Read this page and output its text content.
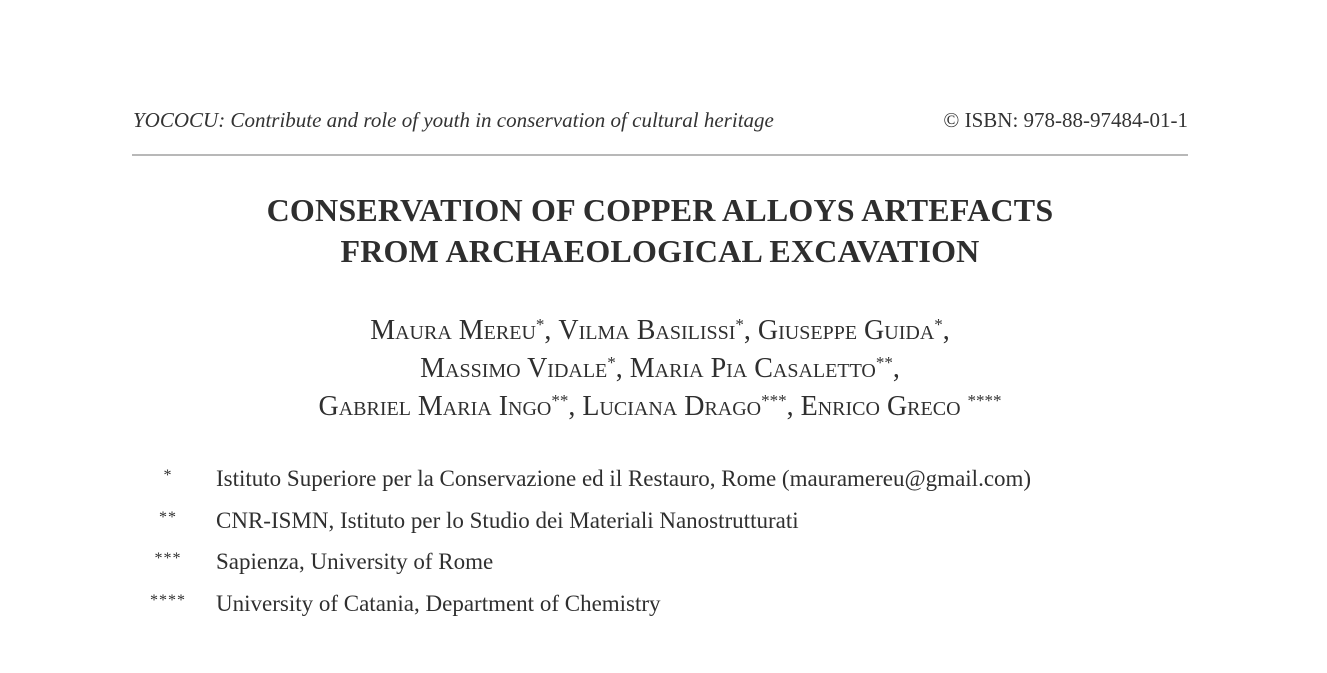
YOCOCU: Contribute and role of youth in conservation of cultural heritage	© ISBN: 978-88-97484-01-1
CONSERVATION OF COPPER ALLOYS ARTEFACTS
FROM ARCHAEOLOGICAL EXCAVATION
Maura Mereu*, Vilma Basilissi*, Giuseppe Guida*,
Massimo Vidale*, Maria Pia Casaletto**,
Gabriel Maria Ingo**, Luciana Drago***, Enrico Greco ****
*	Istituto Superiore per la Conservazione ed il Restauro, Rome (mauramereu@gmail.com)
**	CNR-ISMN, Istituto per lo Studio dei Materiali Nanostrutturati
***	Sapienza, University of Rome
****	University of Catania, Department of Chemistry
